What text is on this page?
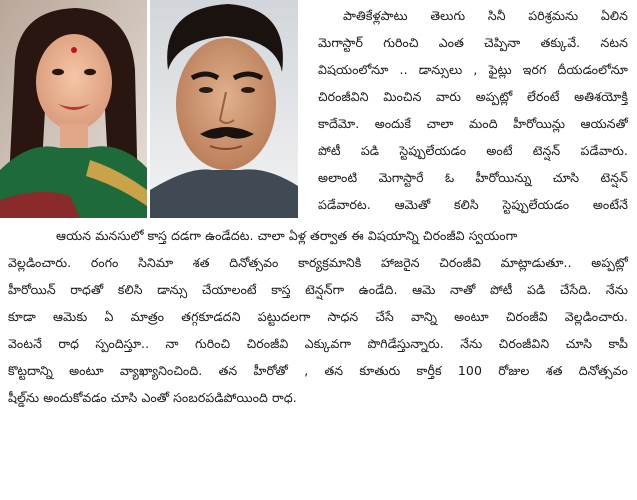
పాతికేళ్లపాటు తెలుగు సినీ పరిశ్రమను ఏలిన
మెగాస్టార్ గురించి ఎంత చెప్పినా తక్కువే. నటన
విషయంలోనూ .. డాన్సులు , ఫైట్లు ఇరగ దీయడంలోనూ
చిరంజీవిని మించిన వారు అప్పట్లో లేరంటే అతిశయోక్తి
కాదేమో. అందుకే చాలా మంది హీరోయిన్లు ఆయనతో
పోటీ పడి స్టెప్పులేయడం అంటే టెన్షన్ పడేవారు.
అలాంటి మెగాస్టారే ఓ హీరోయిన్ను చూసి టెన్షన్
పడేవారట. ఆమెతో కలిసి స్టెప్పులేయడం అంటేనే
ఆయన మనసులో కాస్త దడగా ఉండేదట. చాలా ఏళ్ల తర్వాత ఈ విషయాన్ని చిరంజీవి స్వయంగా
వెల్లడించారు. రంగం సినిమా శత దినోత్సవం కార్యక్రమానికి హాజరైన చిరంజీవి మాట్లాడుతూ.. అప్పట్లో
హీరోయిన్ రాధతో కలిసి డాన్సు చేయాలంటే కాస్త టెన్షన్‌గా ఉండేది. ఆమె నాతో పోటీ పడి చేసేది. నేను
కూడా ఆమెకు ఏ మాత్రం తగ్గకూడదని పట్టుదలగా సాధన చేసే వాన్ని అంటూ చిరంజీవి వెల్లడించారు.
వెంటనే రాధ స్పందిస్తూ.. నా గురించి చిరంజీవి ఎక్కువగా పొగిడేస్తున్నారు. నేను చిరంజీవిని చూసి కాపీ
కొట్టదాన్ని అంటూ వ్యాఖ్యానించింది. తన హీరోతో , తన కూతురు కార్తీక 100 రోజుల శత దినోత్సవం
షీల్డ్‌ను అందుకోవడం చూసి ఎంతో సంబరపడిపోయింది రాధ.
